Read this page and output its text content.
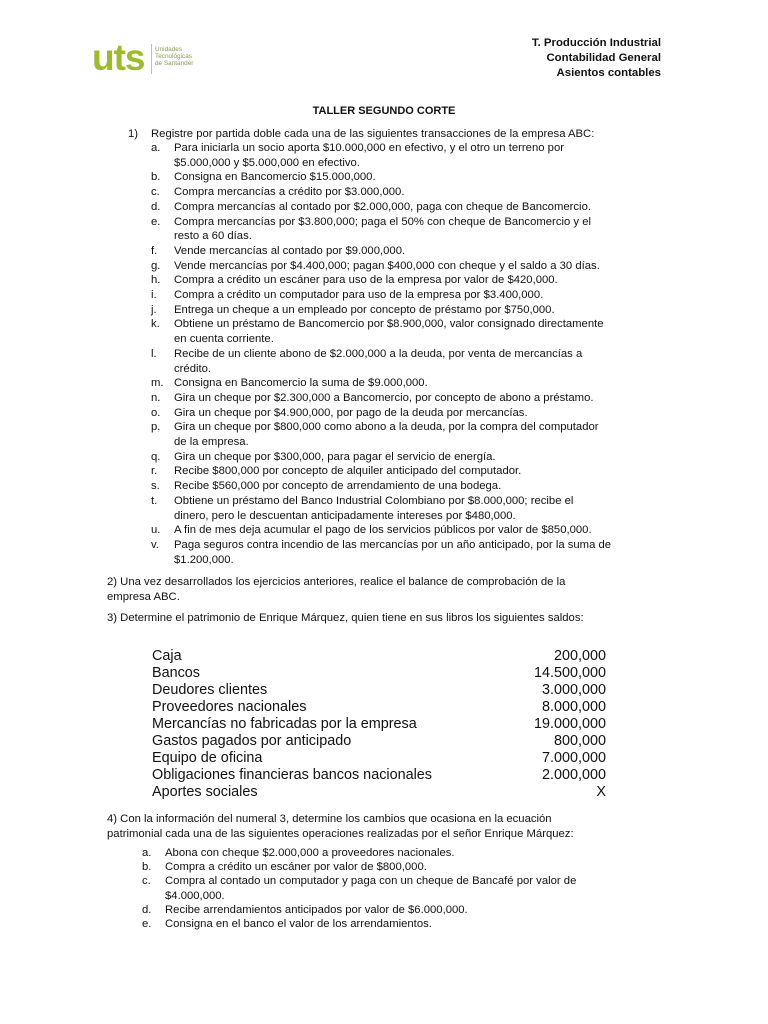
uts Unidades
Tecnológicas
de Santander
T. Producción Industrial
Contabilidad General
Asientos contables
TALLER SEGUNDO CORTE
1) Registre por partida doble cada una de las siguientes transacciones de la empresa ABC:
a. Para iniciarla un socio aporta $10.000,000 en efectivo, y el otro un terreno por
$5.000,000 y $5.000,000 en efectivo.
b. Consigna en Bancomercio $15.000,000.
c. Compra mercancías a crédito por $3.000,000.
d. Compra mercancías al contado por $2.000,000, paga con cheque de Bancomercio.
e. Compra mercancías por $3.800,000; paga el 50% con cheque de Bancomercio y el
resto a 60 días.
f. Vende mercancías al contado por $9.000,000.
g. Vende mercancías por $4.400,000; pagan $400,000 con cheque y el saldo a 30 días.
h. Compra a crédito un escáner para uso de la empresa por valor de $420,000.
i. Compra a crédito un computador para uso de la empresa por $3.400,000.
j. Entrega un cheque a un empleado por concepto de préstamo por $750,000.
k. Obtiene un préstamo de Bancomercio por $8.900,000, valor consignado directamente
en cuenta corriente.
l. Recibe de un cliente abono de $2.000,000 a la deuda, por venta de mercancías a
crédito.
m. Consigna en Bancomercio la suma de $9.000,000.
n. Gira un cheque por $2.300,000 a Bancomercio, por concepto de abono a préstamo.
o. Gira un cheque por $4.900,000, por pago de la deuda por mercancías.
p. Gira un cheque por $800,000 como abono a la deuda, por la compra del computador
de la empresa.
q. Gira un cheque por $300,000, para pagar el servicio de energía.
r. Recibe $800,000 por concepto de alquiler anticipado del computador.
s. Recibe $560,000 por concepto de arrendamiento de una bodega.
t. Obtiene un préstamo del Banco Industrial Colombiano por $8.000,000; recibe el
dinero, pero le descuentan anticipadamente intereses por $480,000.
u. A fin de mes deja acumular el pago de los servicios públicos por valor de $850,000.
v. Paga seguros contra incendio de las mercancías por un año anticipado, por la suma de
$1.200,000.
2) Una vez desarrollados los ejercicios anteriores, realice el balance de comprobación de la
empresa ABC.
3) Determine el patrimonio de Enrique Márquez, quien tiene en sus libros los siguientes saldos:
Caja	200,000
Bancos	14.500,000
Deudores clientes	3.000,000
Proveedores nacionales	8.000,000
Mercancías no fabricadas por la empresa	19.000,000
Gastos pagados por anticipado	800,000
Equipo de oficina	7.000,000
Obligaciones financieras bancos nacionales	2.000,000
Aportes sociales	X
4) Con la información del numeral 3, determine los cambios que ocasiona en la ecuación
patrimonial cada una de las siguientes operaciones realizadas por el señor Enrique Márquez:
a. Abona con cheque $2.000,000 a proveedores nacionales.
b. Compra a crédito un escáner por valor de $800,000.
c. Compra al contado un computador y paga con un cheque de Bancafé por valor de
$4.000,000.
d. Recibe arrendamientos anticipados por valor de $6.000,000.
e. Consigna en el banco el valor de los arrendamientos.
